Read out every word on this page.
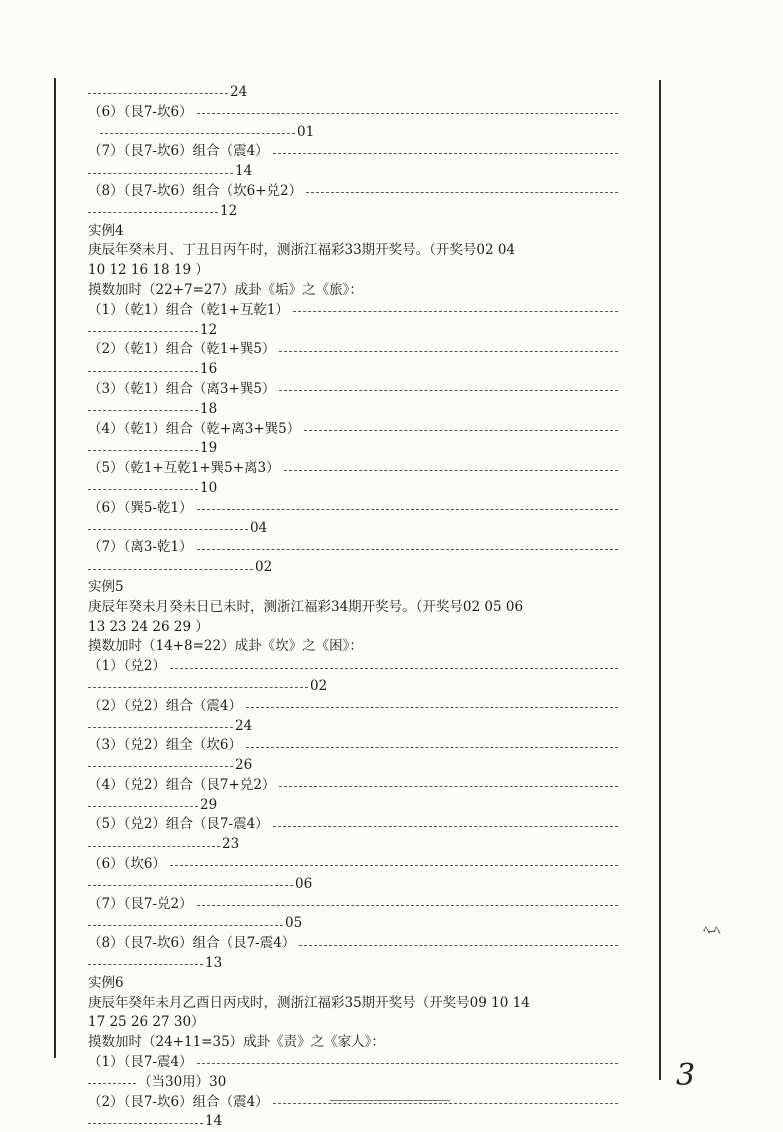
24
（6）（艮7-坎6）
01
（7）（艮7-坎6）组合（震4）
14
（8）（艮7-坎6）组合（坎6+兑2）
12
实例4
庚辰年癸未月、丁丑日丙午时，测浙江福彩33期开奖号。（开奖号02 04
10 12 16 18 19 ）
摸数加时（22+7=27）成卦《垢》之《旅》：
（1）（乾1）组合（乾1+互乾1）
12
（2）（乾1）组合（乾1+巽5）
16
（3）（乾1）组合（离3+巽5）
18
（4）（乾1）组合（乾+离3+巽5）
19
（5）（乾1+互乾1+巽5+离3）
10
（6）（巽5-乾1）
04
（7）（离3-乾1）
02
实例5
庚辰年癸未月癸未日已未时，测浙江福彩34期开奖号。（开奖号02 05 06
13 23 24 26 29 ）
摸数加时（14+8=22）成卦《坎》之《困》：
（1）（兑2）
02
（2）（兑2）组合（震4）
24
（3）（兑2）组全（坎6）
26
（4）（兑2）组合（艮7+兑2）
29
（5）（兑2）组合（艮7-震4）
23
（6）（坎6）
06
（7）（艮7-兑2）
05
（8）（艮7-坎6）组合（艮7-震4）
13
实例6
庚辰年癸年未月乙酉日丙戌时，测浙江福彩35期开奖号（开奖号09 10 14
17 25 26 27 30）
摸数加时（24+11=35）成卦《责》之《家人》：
（1）（艮7-震4）
（当30用）30
（2）（艮7-坎6）组合（震4）
14
ﾍ--ﾍ
3
